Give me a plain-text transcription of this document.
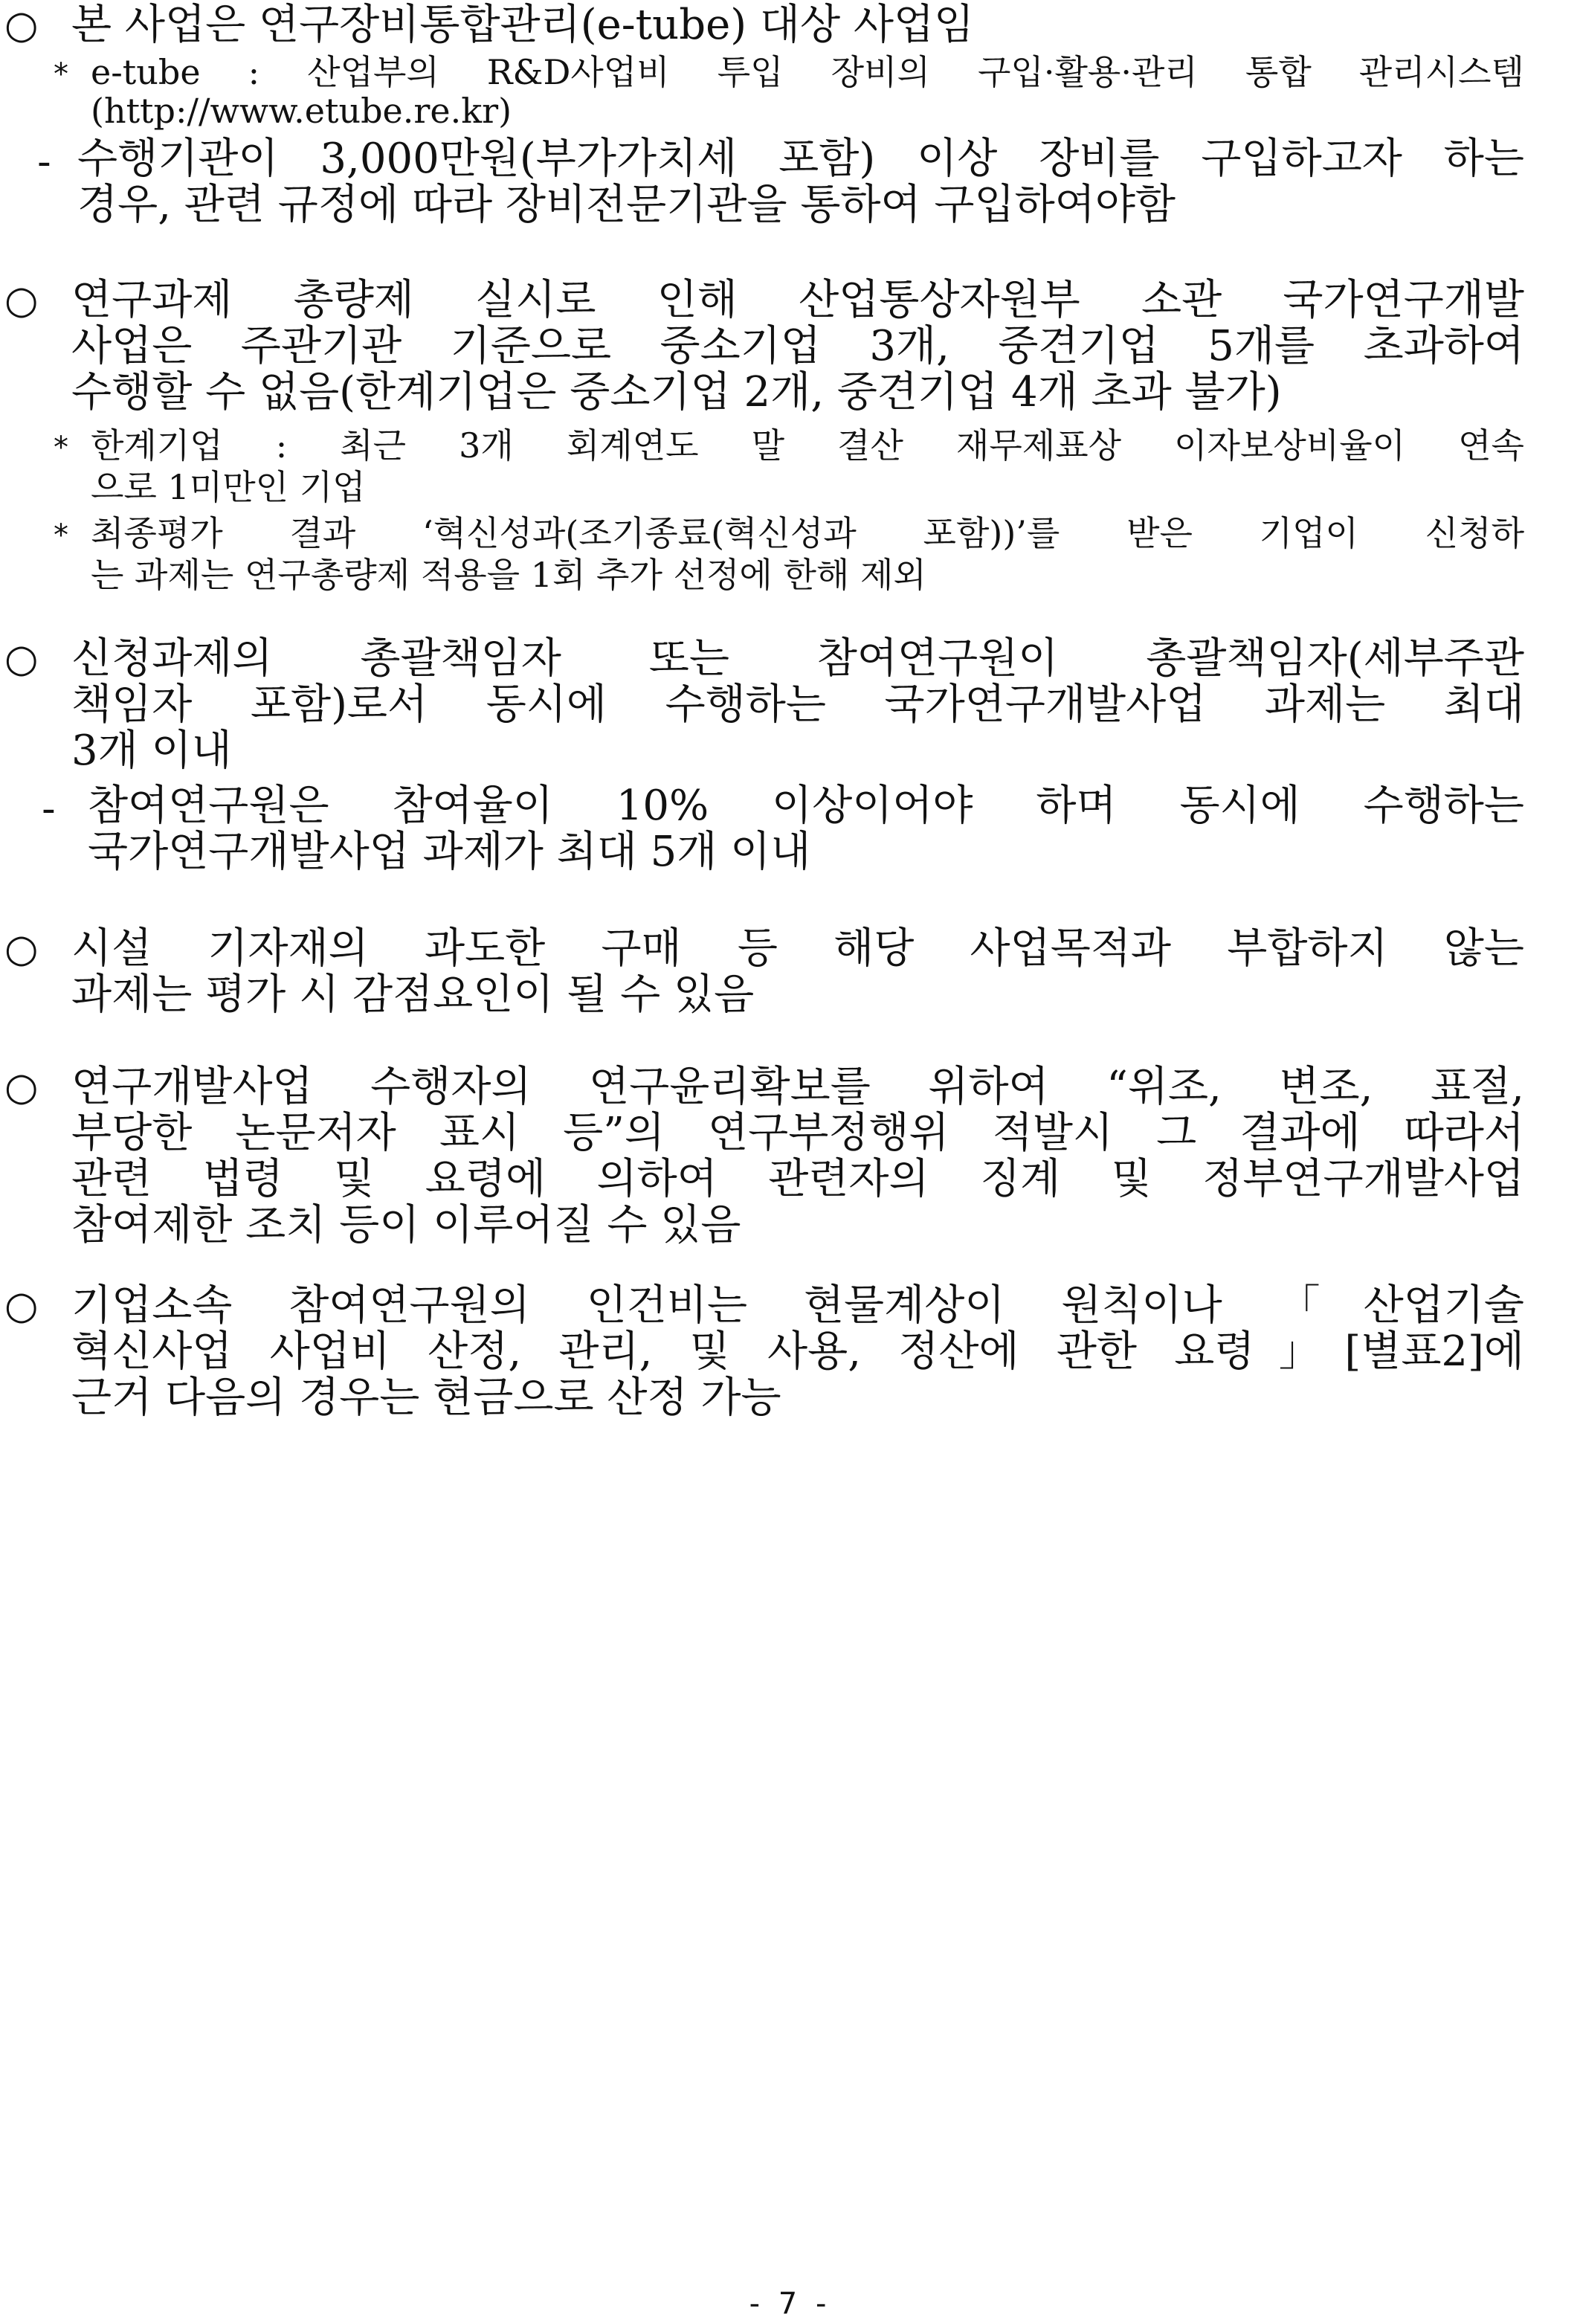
○ 본 사업은 연구장비통합관리(e-tube) 대상 사업임
* e-tube : 산업부의 R&D사업비 투입 장비의 구입·활용·관리 통합 관리시스템
(http://www.etube.re.kr)
- 수행기관이 3,000만원(부가가치세 포함) 이상 장비를 구입하고자 하는
경우, 관련 규정에 따라 장비전문기관을 통하여 구입하여야함
○ 연구과제 총량제 실시로 인해 산업통상자원부 소관 국가연구개발
사업은 주관기관 기준으로 중소기업 3개, 중견기업 5개를 초과하여
수행할 수 없음(한계기업은 중소기업 2개, 중견기업 4개 초과 불가)
* 한계기업 : 최근 3개 회계연도 말 결산 재무제표상 이자보상비율이 연속
으로 1미만인 기업
* 최종평가 결과 ‘혁신성과(조기종료(혁신성과 포함))’를 받은 기업이 신청하
는 과제는 연구총량제 적용을 1회 추가 선정에 한해 제외
○ 신청과제의 총괄책임자 또는 참여연구원이 총괄책임자(세부주관
책임자 포함)로서 동시에 수행하는 국가연구개발사업 과제는 최대
3개 이내
- 참여연구원은 참여율이 10% 이상이어야 하며 동시에 수행하는
국가연구개발사업 과제가 최대 5개 이내
○ 시설 기자재의 과도한 구매 등 해당 사업목적과 부합하지 않는
과제는 평가 시 감점요인이 될 수 있음
○ 연구개발사업 수행자의 연구윤리확보를 위하여 “위조, 변조, 표절,
부당한 논문저자 표시 등”의 연구부정행위 적발시 그 결과에 따라서
관련 법령 및 요령에 의하여 관련자의 징계 및 정부연구개발사업
참여제한 조치 등이 이루어질 수 있음
○ 기업소속 참여연구원의 인건비는 현물계상이 원칙이나 「산업기술
혁신사업 사업비 산정, 관리, 및 사용, 정산에 관한 요령」[별표2]에
근거 다음의 경우는 현금으로 산정 가능
- 7 -
